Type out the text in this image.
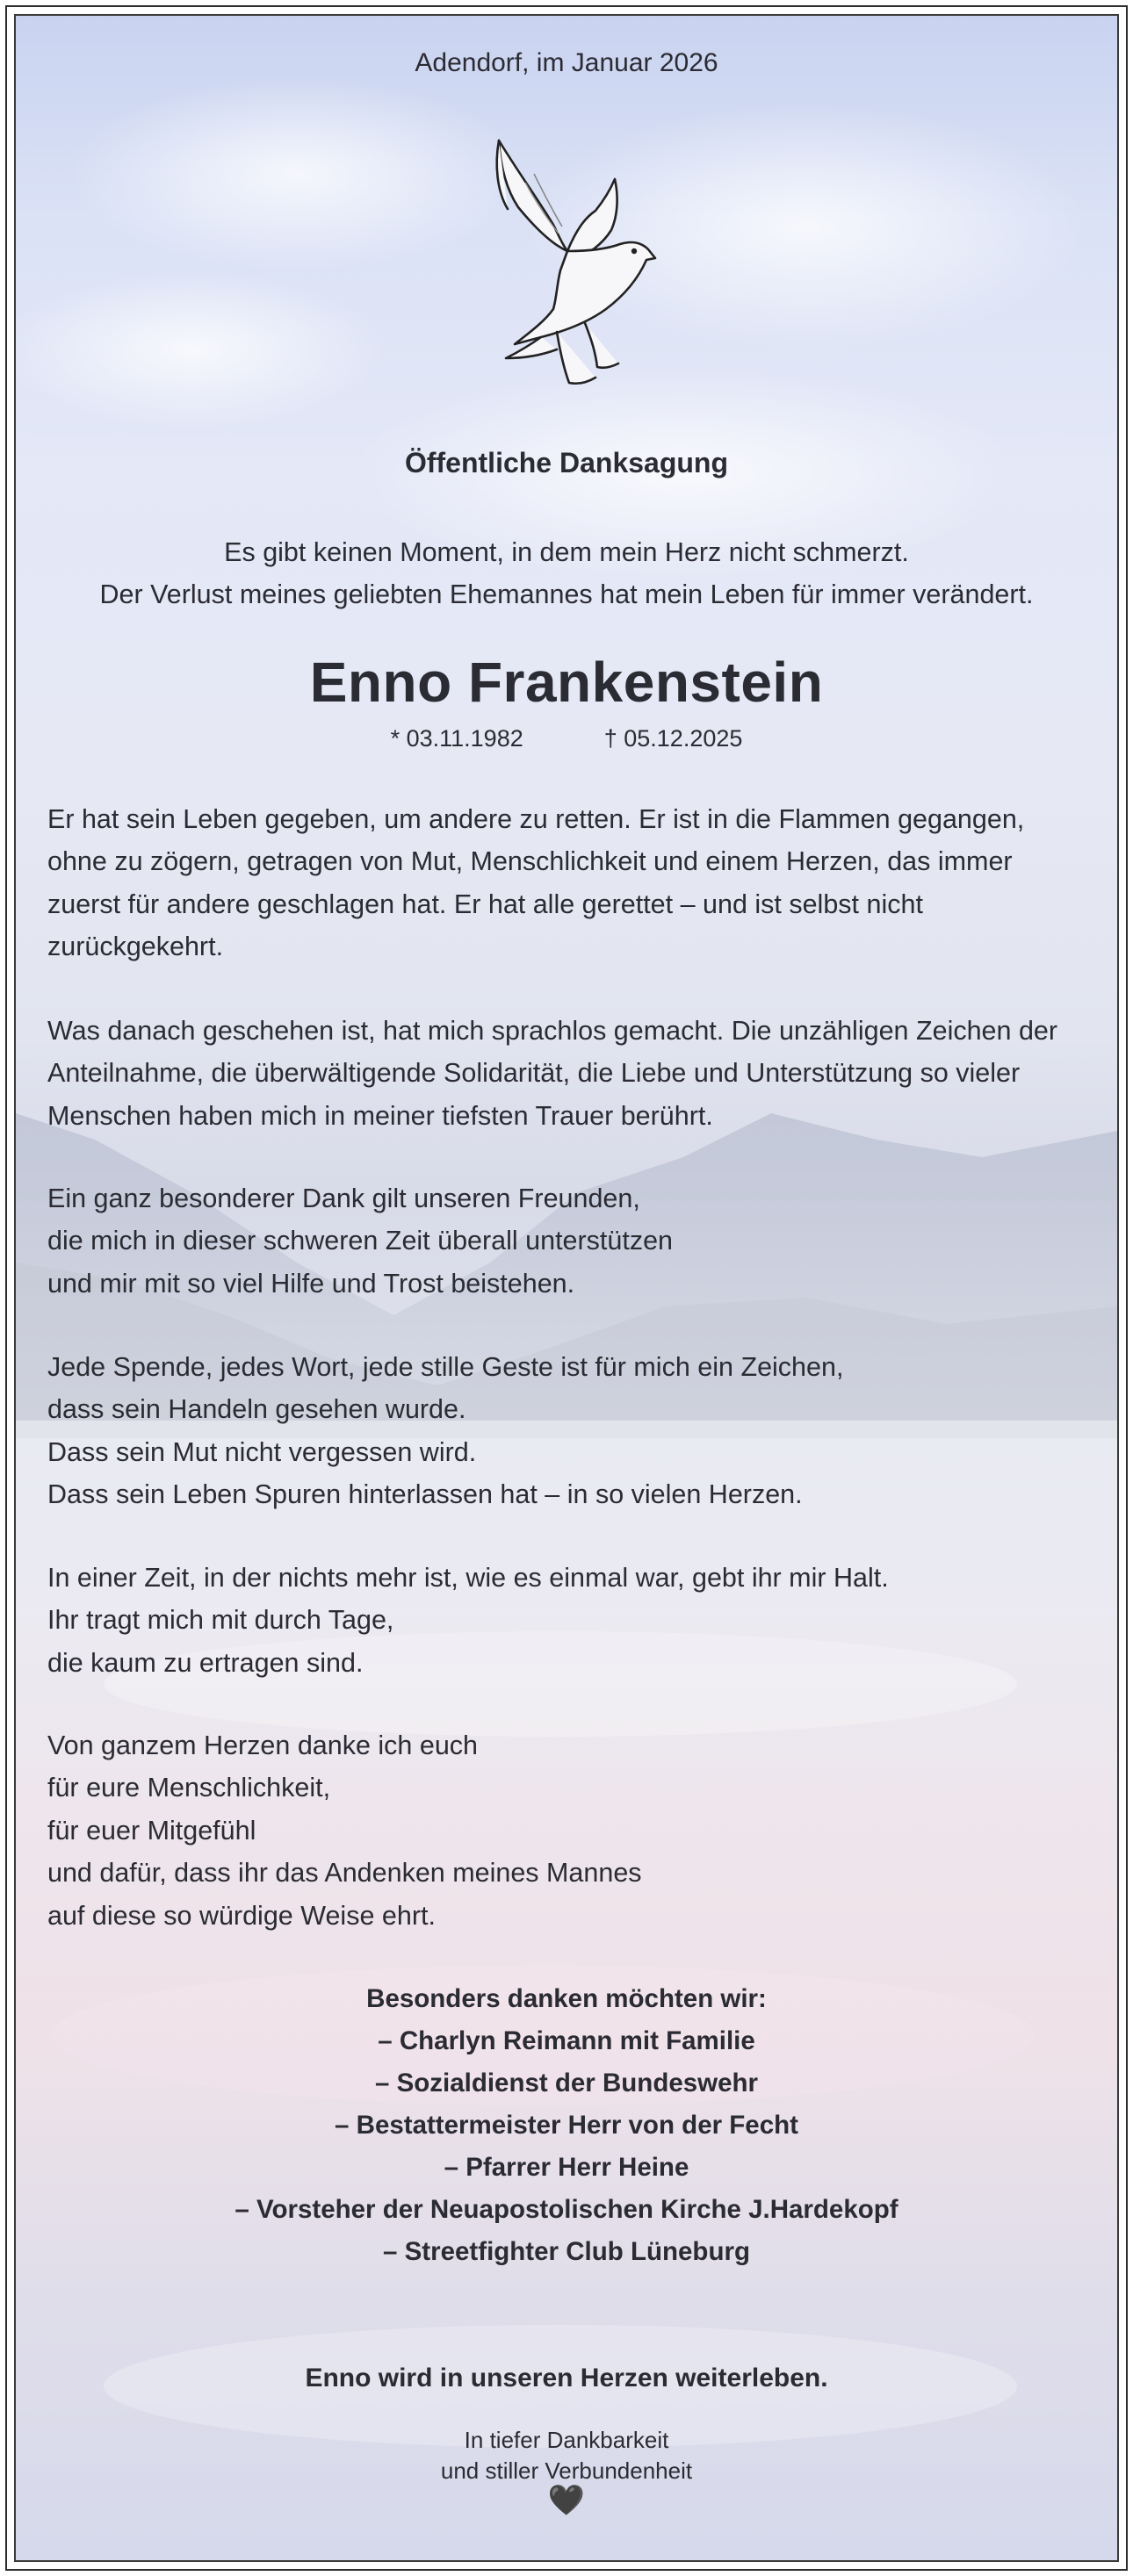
Adendorf, im Januar 2026
Öffentliche Danksagung
Es gibt keinen Moment, in dem mein Herz nicht schmerzt.
Der Verlust meines geliebten Ehemannes hat mein Leben für immer verändert.
Enno Frankenstein
* 03.11.1982	† 05.12.2025
Er hat sein Leben gegeben, um andere zu retten. Er ist in die Flammen gegangen,
ohne zu zögern, getragen von Mut, Menschlichkeit und einem Herzen, das immer
zuerst für andere geschlagen hat. Er hat alle gerettet – und ist selbst nicht
zurückgekehrt.
Was danach geschehen ist, hat mich sprachlos gemacht. Die unzähligen Zeichen der
Anteilnahme, die überwältigende Solidarität, die Liebe und Unterstützung so vieler
Menschen haben mich in meiner tiefsten Trauer berührt.
Ein ganz besonderer Dank gilt unseren Freunden,
die mich in dieser schweren Zeit überall unterstützen
und mir mit so viel Hilfe und Trost beistehen.
Jede Spende, jedes Wort, jede stille Geste ist für mich ein Zeichen,
dass sein Handeln gesehen wurde.
Dass sein Mut nicht vergessen wird.
Dass sein Leben Spuren hinterlassen hat – in so vielen Herzen.
In einer Zeit, in der nichts mehr ist, wie es einmal war, gebt ihr mir Halt.
Ihr tragt mich mit durch Tage,
die kaum zu ertragen sind.
Von ganzem Herzen danke ich euch
für eure Menschlichkeit,
für euer Mitgefühl
und dafür, dass ihr das Andenken meines Mannes
auf diese so würdige Weise ehrt.
Besonders danken möchten wir:
– Charlyn Reimann mit Familie
– Sozialdienst der Bundeswehr
– Bestattermeister Herr von der Fecht
– Pfarrer Herr Heine
– Vorsteher der Neuapostolischen Kirche J.Hardekopf
– Streetfighter Club Lüneburg
Enno wird in unseren Herzen weiterleben.
In tiefer Dankbarkeit
und stiller Verbundenheit
🖤
